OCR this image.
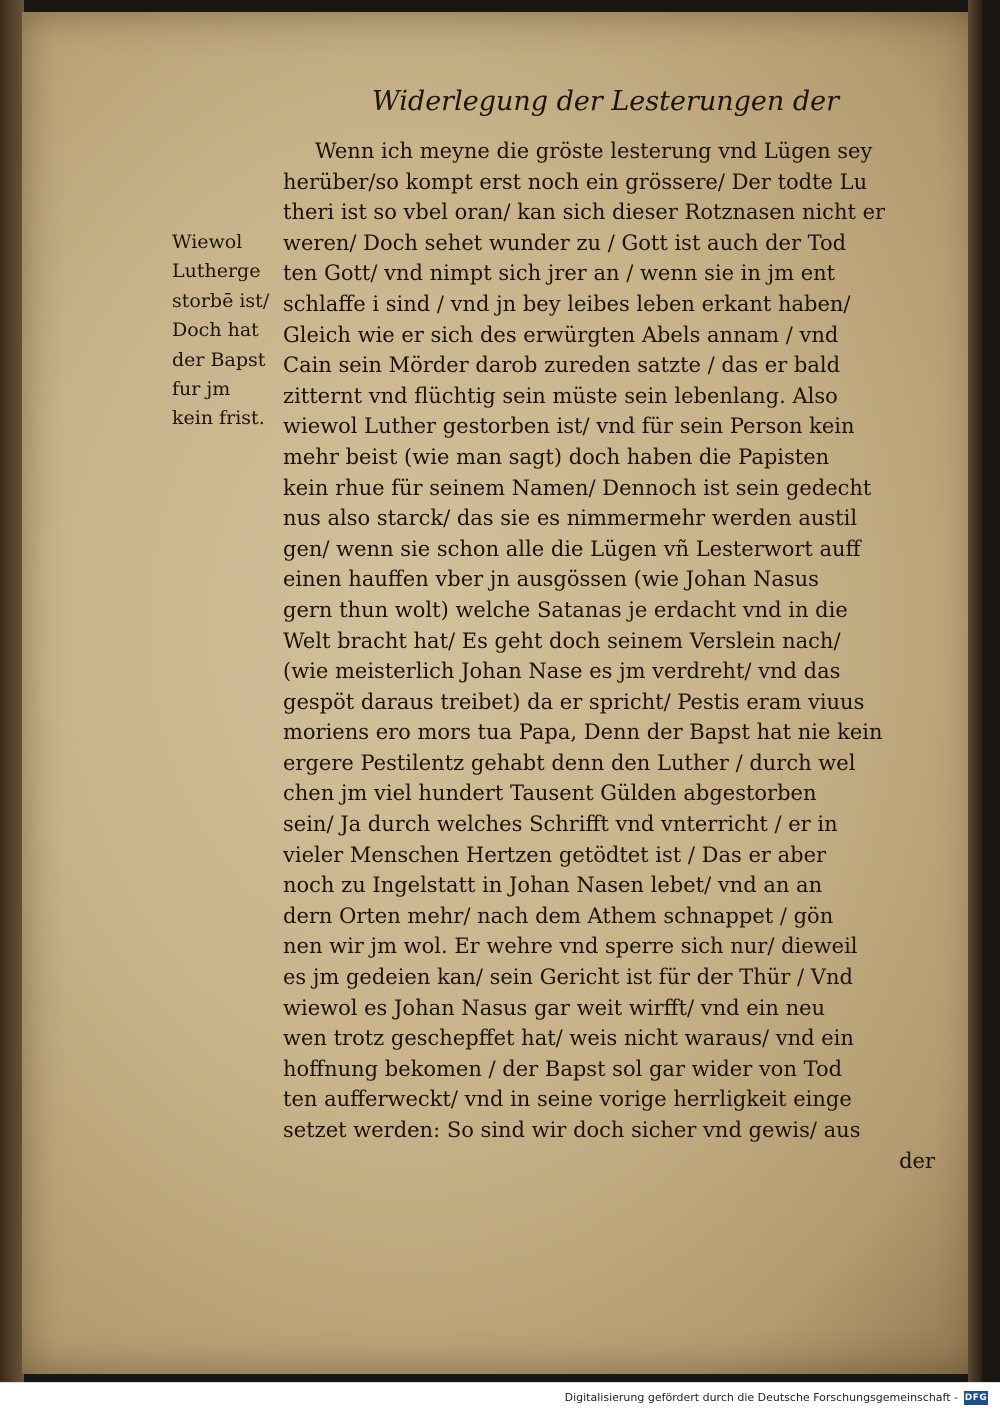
Widerlegung der Lesterungen der
Wiewol
Lutherge
storbē ist/
Doch hat
der Bapst
fur jm
kein frist.
Wenn ich meyne die gröste lesterung vnd Lügen sey
herüber/so kompt erst noch ein grössere/ Der todte Lu
theri ist so vbel oran/ kan sich dieser Rotznasen nicht er
weren/ Doch sehet wunder zu / Gott ist auch der Tod
ten Gott/ vnd nimpt sich jrer an / wenn sie in jm ent
schlaffe i sind / vnd jn bey leibes leben erkant haben/
Gleich wie er sich des erwürgten Abels annam / vnd
Cain sein Mörder darob zureden satzte / das er bald
zitternt vnd flüchtig sein müste sein lebenlang. Also
wiewol Luther gestorben ist/ vnd für sein Person kein
mehr beist (wie man sagt) doch haben die Papisten
kein rhue für seinem Namen/ Dennoch ist sein gedecht
nus also starck/ das sie es nimmermehr werden austil
gen/ wenn sie schon alle die Lügen vñ Lesterwort auff
einen hauffen vber jn ausgössen (wie Johan Nasus
gern thun wolt) welche Satanas je erdacht vnd in die
Welt bracht hat/ Es geht doch seinem Verslein nach/
(wie meisterlich Johan Nase es jm verdreht/ vnd das
gespöt daraus treibet) da er spricht/ Pestis eram viuus
moriens ero mors tua Papa, Denn der Bapst hat nie kein
ergere Pestilentz gehabt denn den Luther / durch wel
chen jm viel hundert Tausent Gülden abgestorben
sein/ Ja durch welches Schrifft vnd vnterricht / er in
vieler Menschen Hertzen getödtet ist / Das er aber
noch zu Ingelstatt in Johan Nasen lebet/ vnd an an
dern Orten mehr/ nach dem Athem schnappet / gön
nen wir jm wol. Er wehre vnd sperre sich nur/ dieweil
es jm gedeien kan/ sein Gericht ist für der Thür / Vnd
wiewol es Johan Nasus gar weit wirfft/ vnd ein neu
wen trotz geschepffet hat/ weis nicht waraus/ vnd ein
hoffnung bekomen / der Bapst sol gar wider von Tod
ten aufferweckt/ vnd in seine vorige herrligkeit einge
setzet werden: So sind wir doch sicher vnd gewis/ aus
der
Digitalisierung gefördert durch die Deutsche Forschungsgemeinschaft - DFG
